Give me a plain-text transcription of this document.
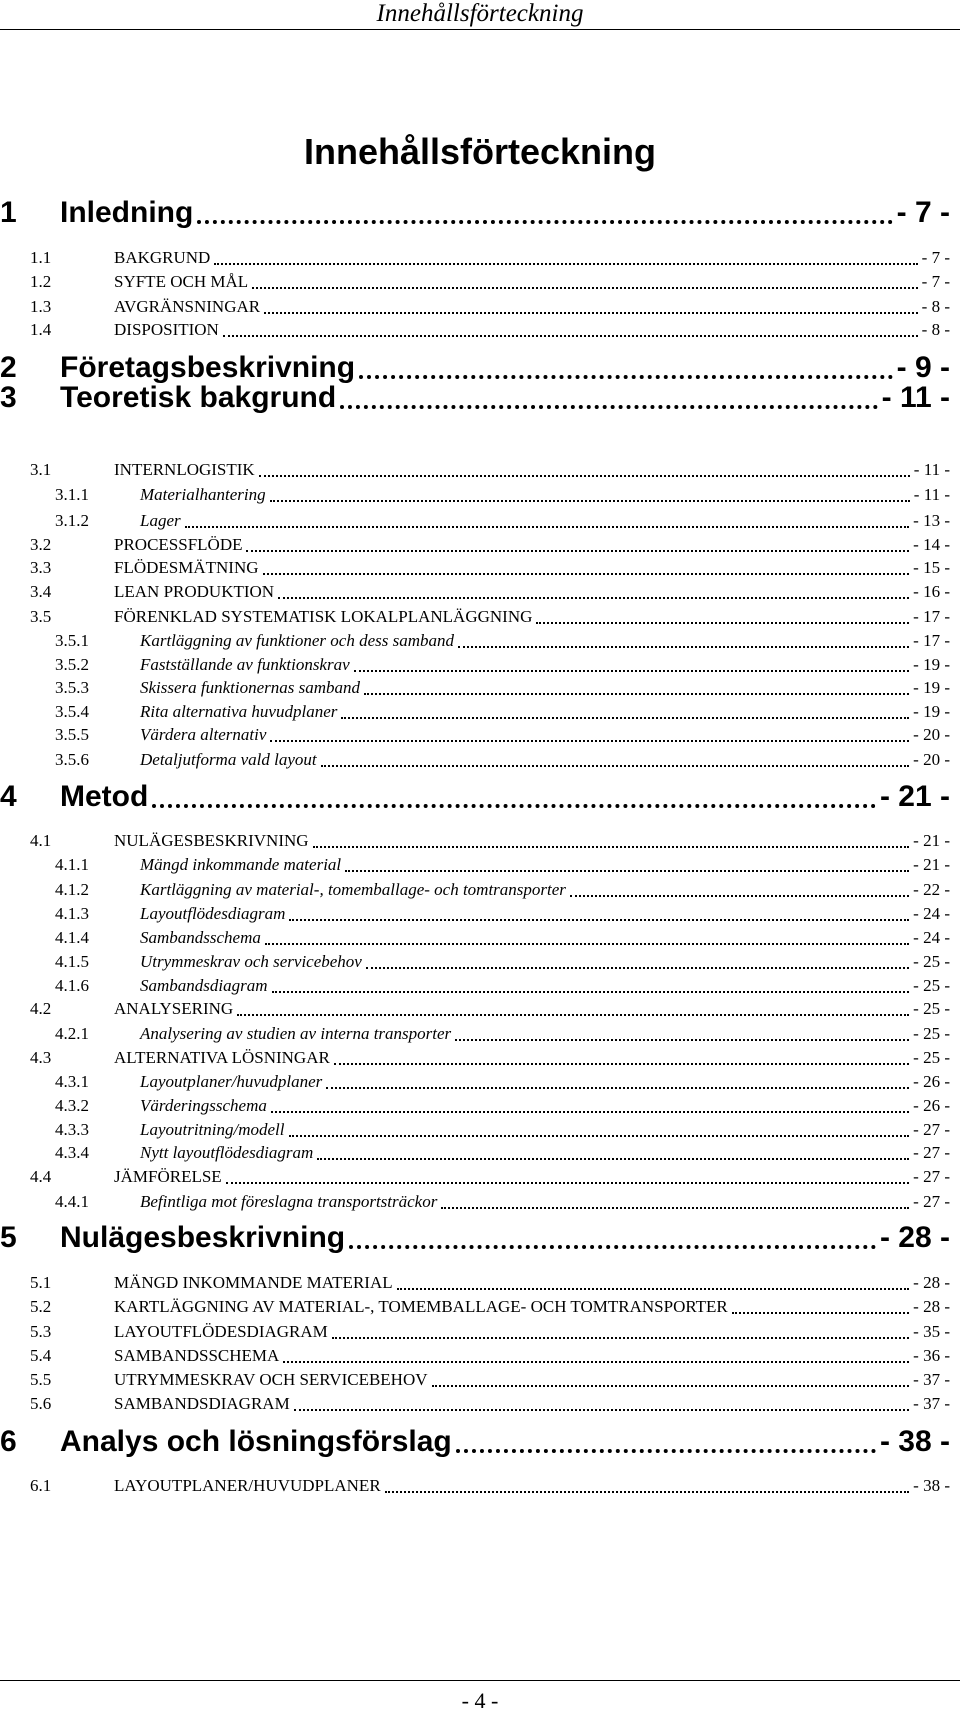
Innehållsförteckning
Innehållsförteckning
1 Inledning	- 7 -
1.1	BAKGRUND	- 7 -
1.2	SYFTE OCH MÅL	- 7 -
1.3	AVGRÄNSNINGAR	- 8 -
1.4	DISPOSITION	- 8 -
2 Företagsbeskrivning	- 9 -
3 Teoretisk bakgrund	- 11 -
3.1	INTERNLOGISTIK	- 11 -
3.1.1	Materialhantering	- 11 -
3.1.2	Lager	- 13 -
3.2	PROCESSFLÖDE	- 14 -
3.3	FLÖDESMÄTNING	- 15 -
3.4	LEAN PRODUKTION	- 16 -
3.5	FÖRENKLAD SYSTEMATISK LOKALPLANLÄGGNING	- 17 -
3.5.1	Kartläggning av funktioner och dess samband	- 17 -
3.5.2	Fastställande av funktionskrav	- 19 -
3.5.3	Skissera funktionernas samband	- 19 -
3.5.4	Rita alternativa huvudplaner	- 19 -
3.5.5	Värdera alternativ	- 20 -
3.5.6	Detaljutforma vald layout	- 20 -
4 Metod	- 21 -
4.1	NULÄGESBESKRIVNING	- 21 -
4.1.1	Mängd inkommande material	- 21 -
4.1.2	Kartläggning av material-, tomemballage- och tomtransporter	- 22 -
4.1.3	Layoutflödesdiagram	- 24 -
4.1.4	Sambandsschema	- 24 -
4.1.5	Utrymmeskrav och servicebehov	- 25 -
4.1.6	Sambandsdiagram	- 25 -
4.2	ANALYSERING	- 25 -
4.2.1	Analysering av studien av interna transporter	- 25 -
4.3	ALTERNATIVA LÖSNINGAR	- 25 -
4.3.1	Layoutplaner/huvudplaner	- 26 -
4.3.2	Värderingsschema	- 26 -
4.3.3	Layoutritning/modell	- 27 -
4.3.4	Nytt layoutflödesdiagram	- 27 -
4.4	JÄMFÖRELSE	- 27 -
4.4.1	Befintliga mot föreslagna transportsträckor	- 27 -
5 Nulägesbeskrivning	- 28 -
5.1	MÄNGD INKOMMANDE MATERIAL	- 28 -
5.2	KARTLÄGGNING AV MATERIAL-, TOMEMBALLAGE- OCH TOMTRANSPORTER	- 28 -
5.3	LAYOUTFLÖDESDIAGRAM	- 35 -
5.4	SAMBANDSSCHEMA	- 36 -
5.5	UTRYMMESKRAV OCH SERVICEBEHOV	- 37 -
5.6	SAMBANDSDIAGRAM	- 37 -
6 Analys och lösningsförslag	- 38 -
6.1	LAYOUTPLANER/HUVUDPLANER	- 38 -
- 4 -
